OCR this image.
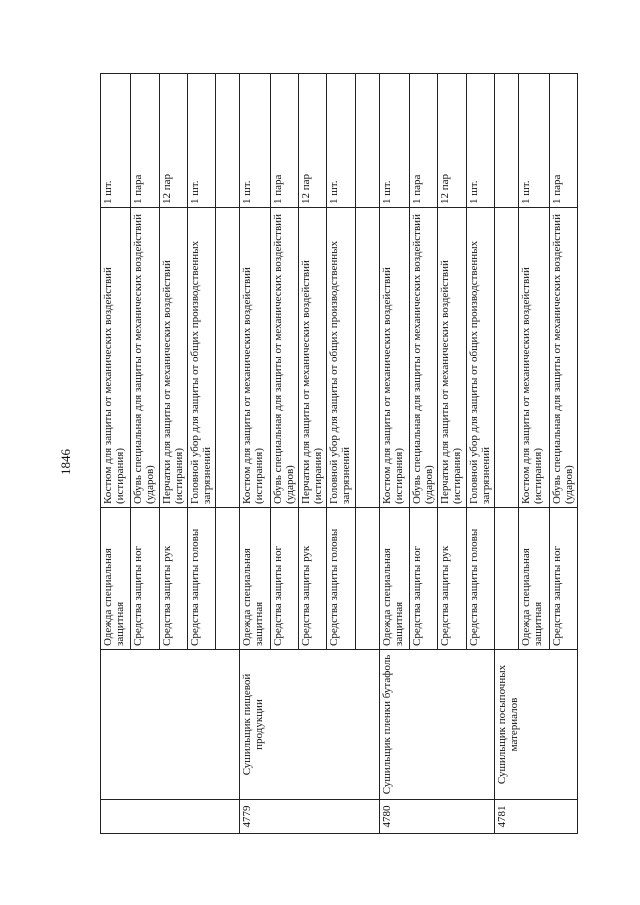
1846
		Одежда специальная защитная	Костюм для защиты от механических воздействий (истирания)	1 шт.
		Средства защиты ног	Обувь специальная для защиты от механических воздействий (ударов)	1 пара
		Средства защиты рук	Перчатки для защиты от механических воздействий (истирания)	12 пар
		Средства защиты головы	Головной убор для защиты от общих производственных загрязнений	1 шт.

4779	Сушильщик пищевой продукции	Одежда специальная защитная	Костюм для защиты от механических воздействий (истирания)	1 шт.
		Средства защиты ног	Обувь специальная для защиты от механических воздействий (ударов)	1 пара
		Средства защиты рук	Перчатки для защиты от механических воздействий (истирания)	12 пар
		Средства защиты головы	Головной убор для защиты от общих производственных загрязнений	1 шт.

4780	Сушильщик пленки бутафоль	Одежда специальная защитная	Костюм для защиты от механических воздействий (истирания)	1 шт.
		Средства защиты ног	Обувь специальная для защиты от механических воздействий (ударов)	1 пара
		Средства защиты рук	Перчатки для защиты от механических воздействий (истирания)	12 пар
		Средства защиты головы	Головной убор для защиты от общих производственных загрязнений	1 шт.
4781	Сушильщик посыпочных материалов			
		Одежда специальная защитная	Костюм для защиты от механических воздействий (истирания)	1 шт.
		Средства защиты ног	Обувь специальная для защиты от механических воздействий (ударов)	1 пара
